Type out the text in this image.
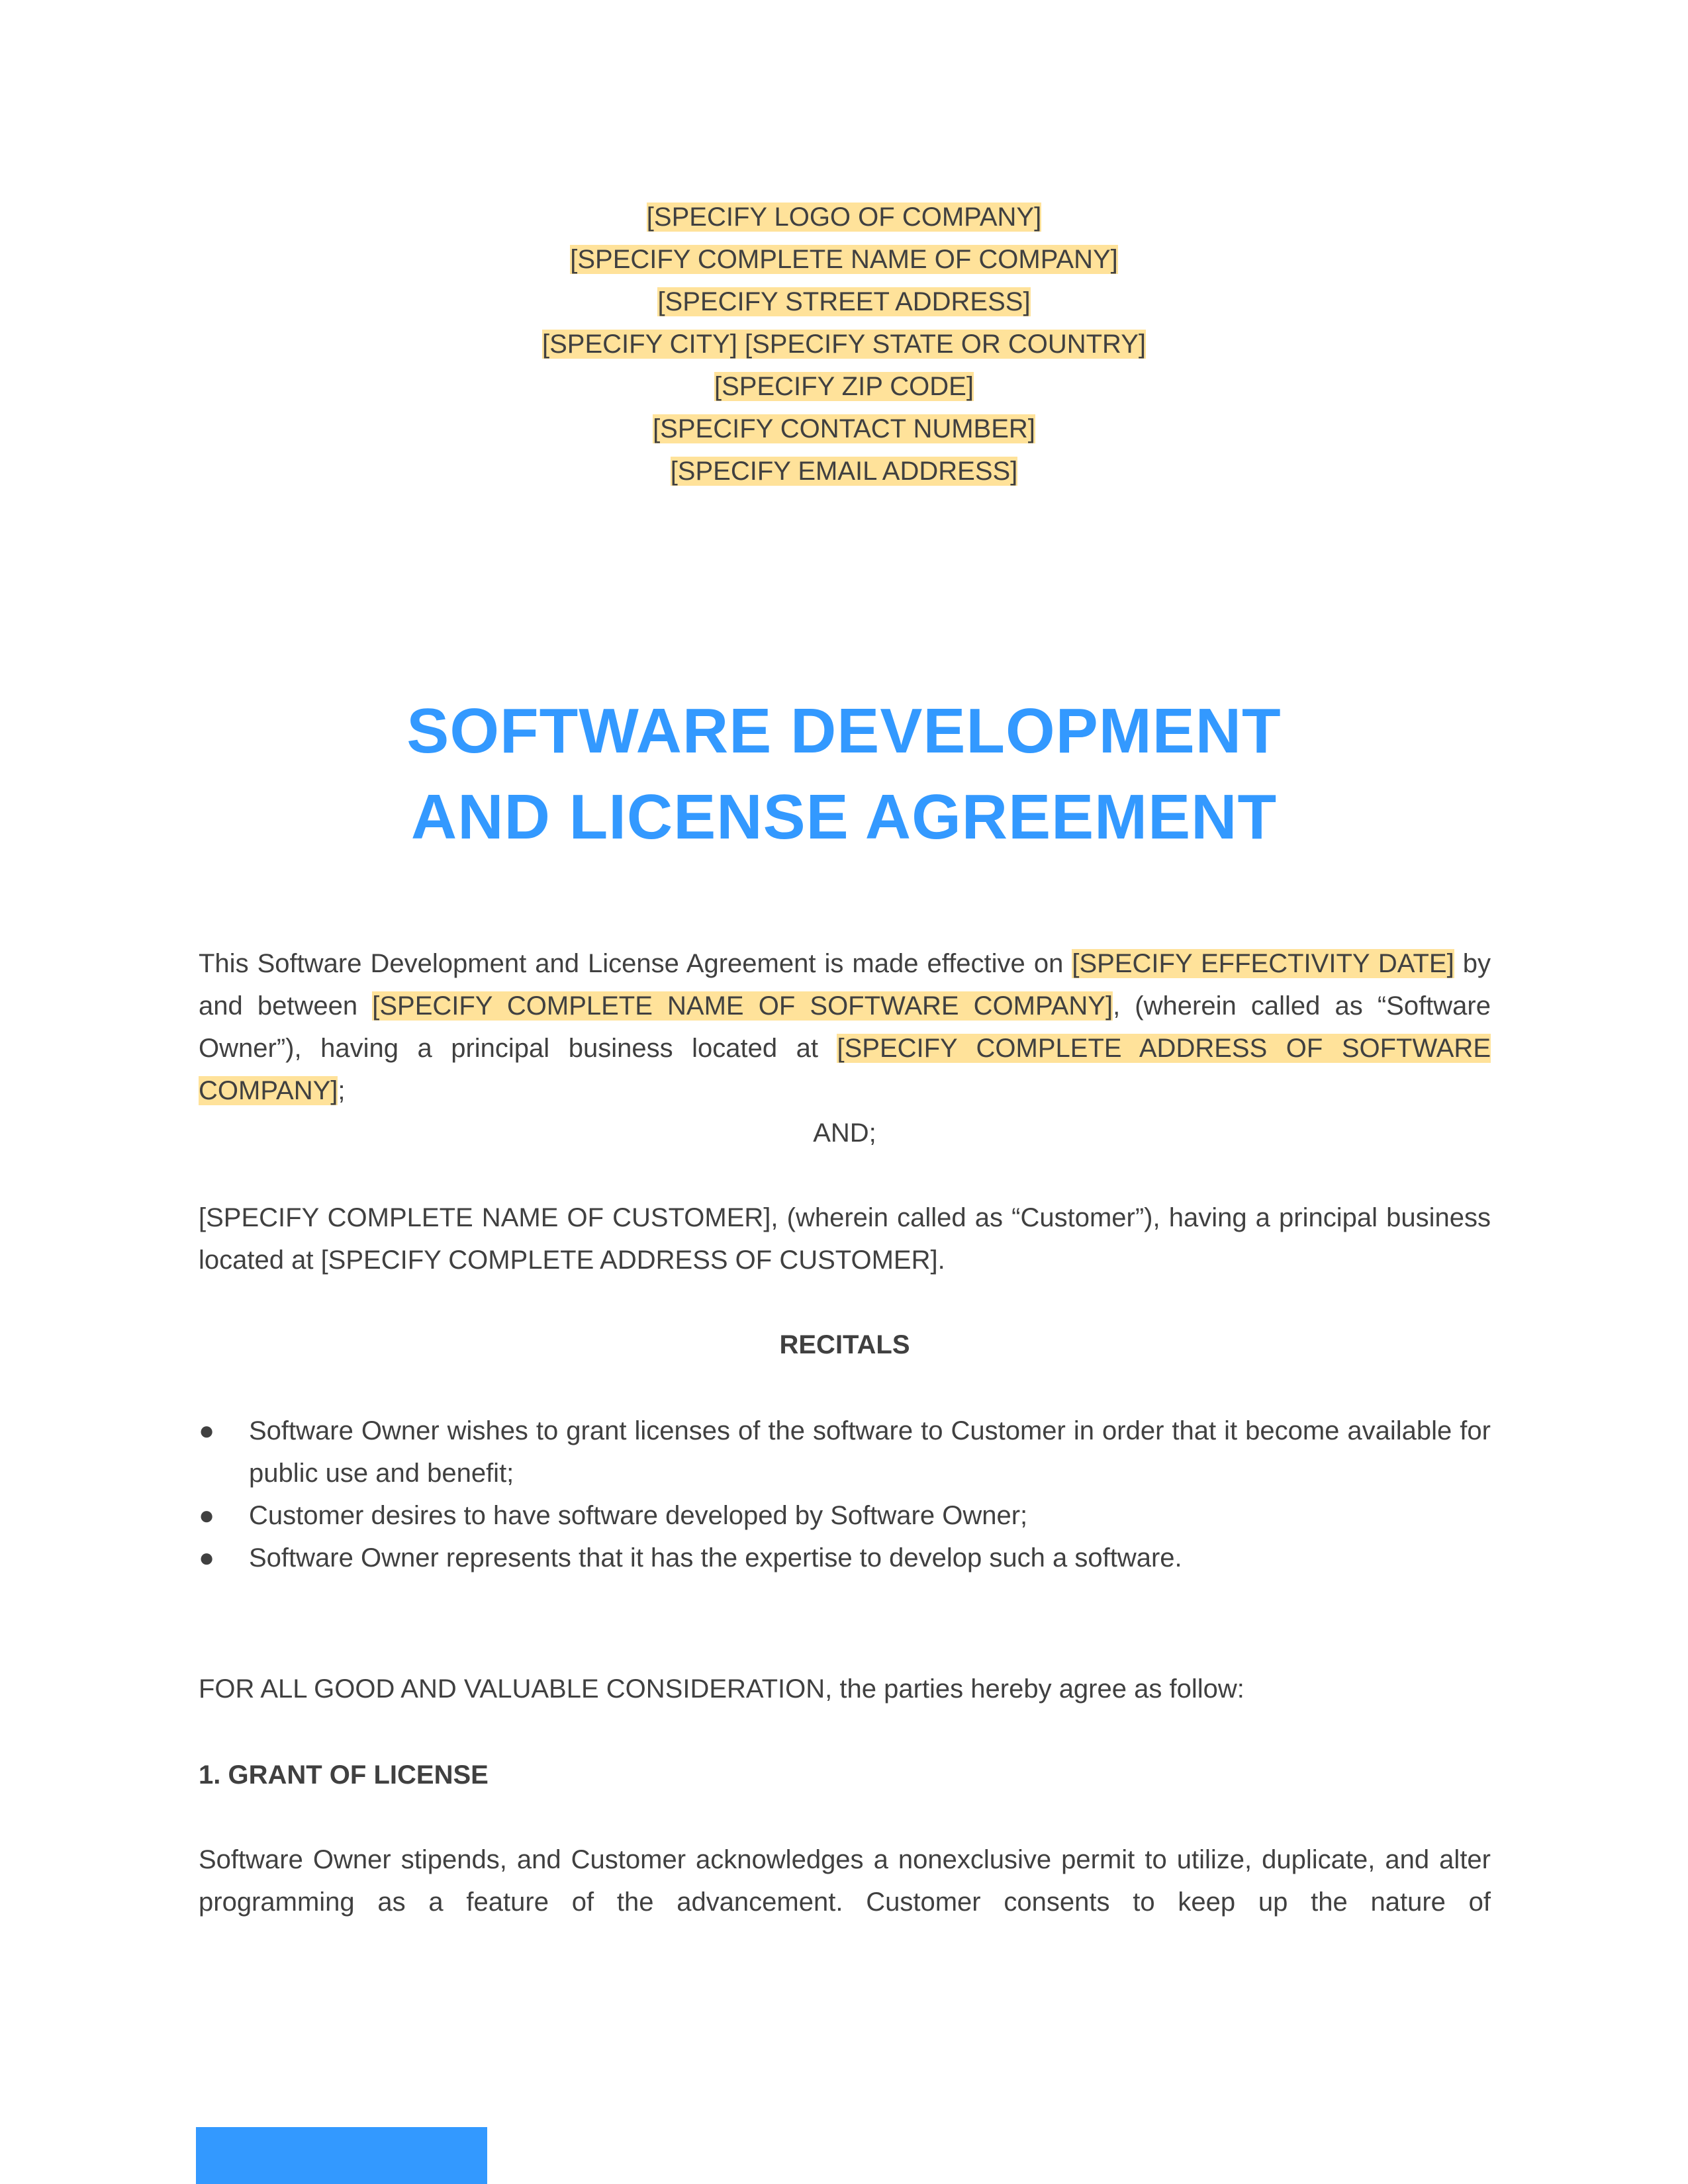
[SPECIFY LOGO OF COMPANY]
[SPECIFY COMPLETE NAME OF COMPANY]
[SPECIFY STREET ADDRESS]
[SPECIFY CITY] [SPECIFY STATE OR COUNTRY]
[SPECIFY ZIP CODE]
[SPECIFY CONTACT NUMBER]
[SPECIFY EMAIL ADDRESS]
SOFTWARE DEVELOPMENT
AND LICENSE AGREEMENT
This Software Development and License Agreement is made effective on [SPECIFY EFFECTIVITY DATE] by and between [SPECIFY COMPLETE NAME OF SOFTWARE COMPANY], (wherein called as “Software Owner”), having a principal business located at [SPECIFY COMPLETE ADDRESS OF SOFTWARE COMPANY];
AND;
[SPECIFY COMPLETE NAME OF CUSTOMER], (wherein called as “Customer”), having a principal business located at [SPECIFY COMPLETE ADDRESS OF CUSTOMER].
RECITALS
●	Software Owner wishes to grant licenses of the software to Customer in order that it become available for public use and benefit;
●	Customer desires to have software developed by Software Owner;
●	Software Owner represents that it has the expertise to develop such a software.
FOR ALL GOOD AND VALUABLE CONSIDERATION, the parties hereby agree as follow:
1. GRANT OF LICENSE
Software Owner stipends, and Customer acknowledges a nonexclusive permit to utilize, duplicate, and alter programming as a feature of the advancement. Customer consents to keep up the nature of
